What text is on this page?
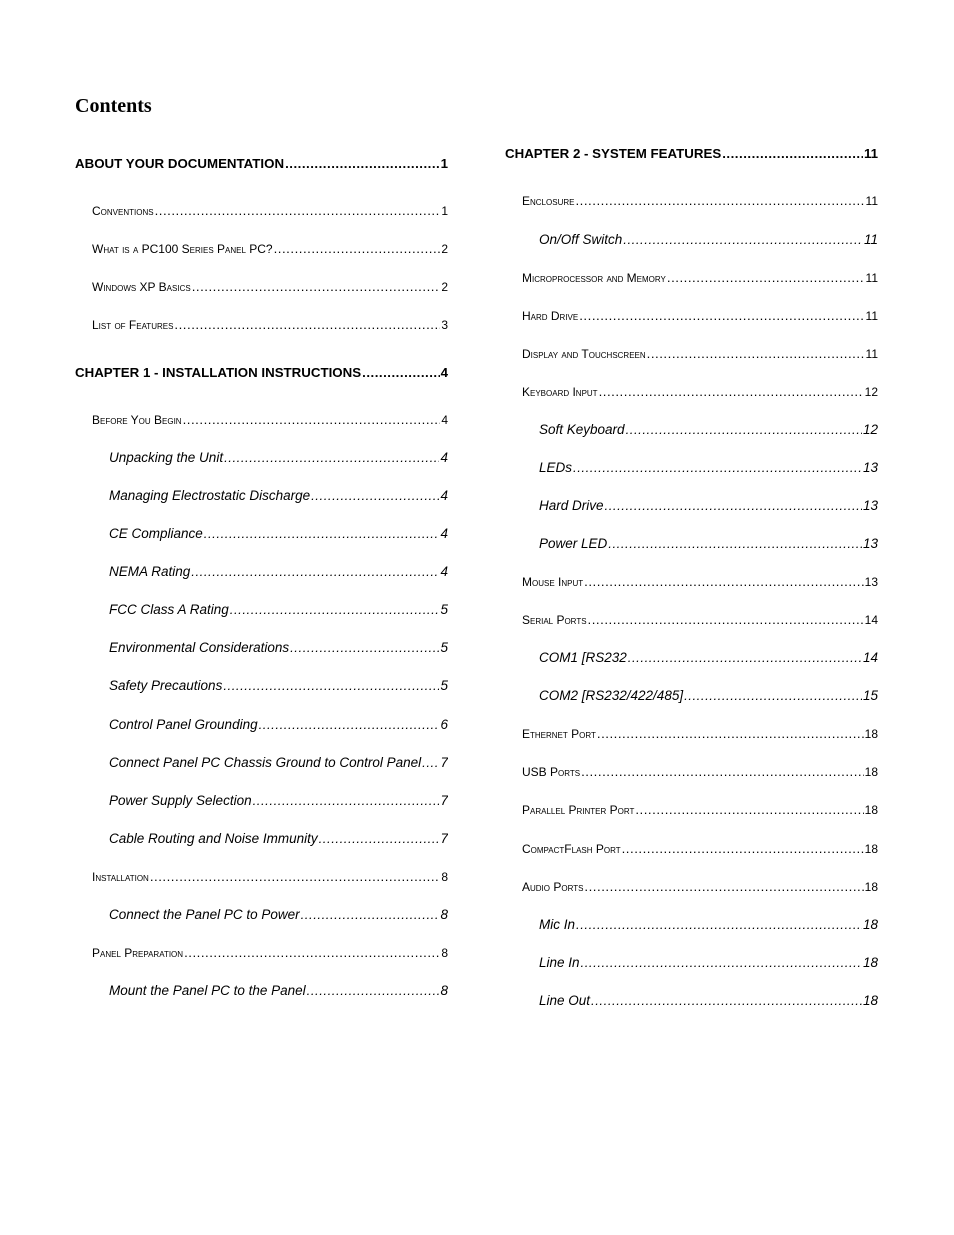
Contents
ABOUT YOUR DOCUMENTATION .....	1
Conventions .....	1
What is a PC100 Series Panel PC? .....	2
Windows XP Basics .....	2
List of Features .....	3
CHAPTER 1 - INSTALLATION INSTRUCTIONS .....	4
Before You Begin .....	4
Unpacking the Unit .....	4
Managing Electrostatic Discharge .....	4
CE Compliance .....	4
NEMA Rating .....	4
FCC Class A Rating .....	5
Environmental Considerations .....	5
Safety Precautions .....	5
Control Panel Grounding .....	6
Connect Panel PC Chassis Ground to Control Panel ..... 7
Power Supply Selection .....	7
Cable Routing and Noise Immunity .....	7
Installation .....	8
Connect the Panel PC to Power .....	8
Panel Preparation .....	8
Mount the Panel PC to the Panel .....	8
CHAPTER 2 - SYSTEM FEATURES .....	11
Enclosure .....	11
On/Off Switch .....	11
Microprocessor and Memory .....	11
Hard Drive .....	11
Display and Touchscreen .....	11
Keyboard Input .....	12
Soft Keyboard .....	12
LEDs .....	13
Hard Drive .....	13
Power LED .....	13
Mouse Input .....	13
Serial Ports .....	14
COM1 [RS232 .....	14
COM2 [RS232/422/485] .....	15
Ethernet Port .....	18
USB Ports .....	18
Parallel Printer Port .....	18
CompactFlash Port .....	18
Audio Ports .....	18
Mic In .....	18
Line In .....	18
Line Out .....	18
